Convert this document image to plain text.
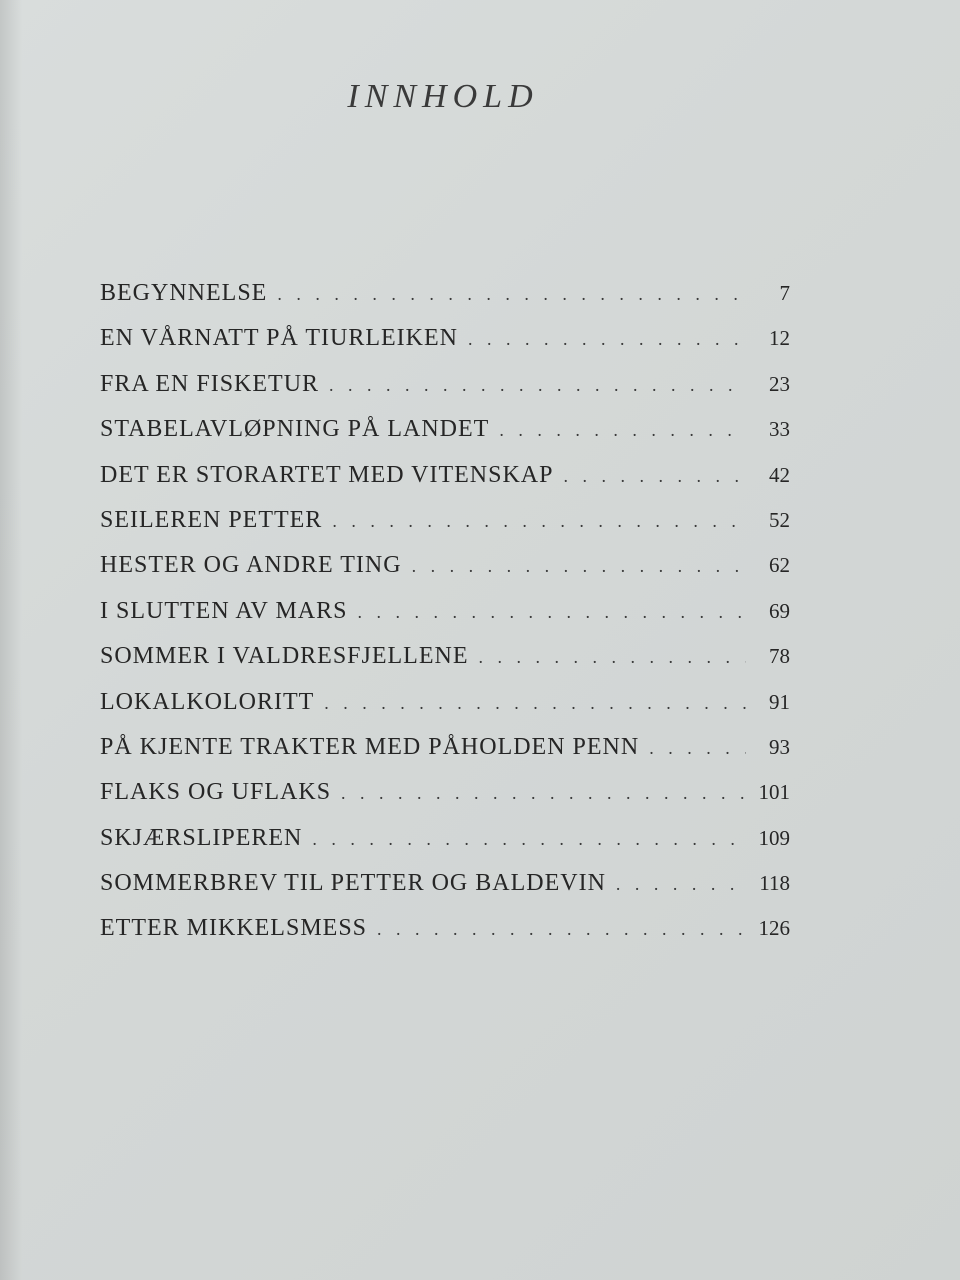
INNHOLD
BEGYNNELSE . . .	7
EN VÅRNATT PÅ TIURLEIKEN . . .	12
FRA EN FISKETUR . . .	23
STABELAVLØPNING PÅ LANDET . . .	33
DET ER STORARTET MED VITENSKAP . . .	42
SEILEREN PETTER . . .	52
HESTER OG ANDRE TING . . .	62
I SLUTTEN AV MARS . . .	69
SOMMER I VALDRESFJELLENE . . .	78
LOKALKOLORITT . . .	91
PÅ KJENTE TRAKTER MED PÅHOLDEN PENN . . .	93
FLAKS OG UFLAKS . . .	101
SKJÆRSLIPEREN . . .	109
SOMMERBREV TIL PETTER OG BALDEVIN . . .	118
ETTER MIKKELSMESS . . .	126
